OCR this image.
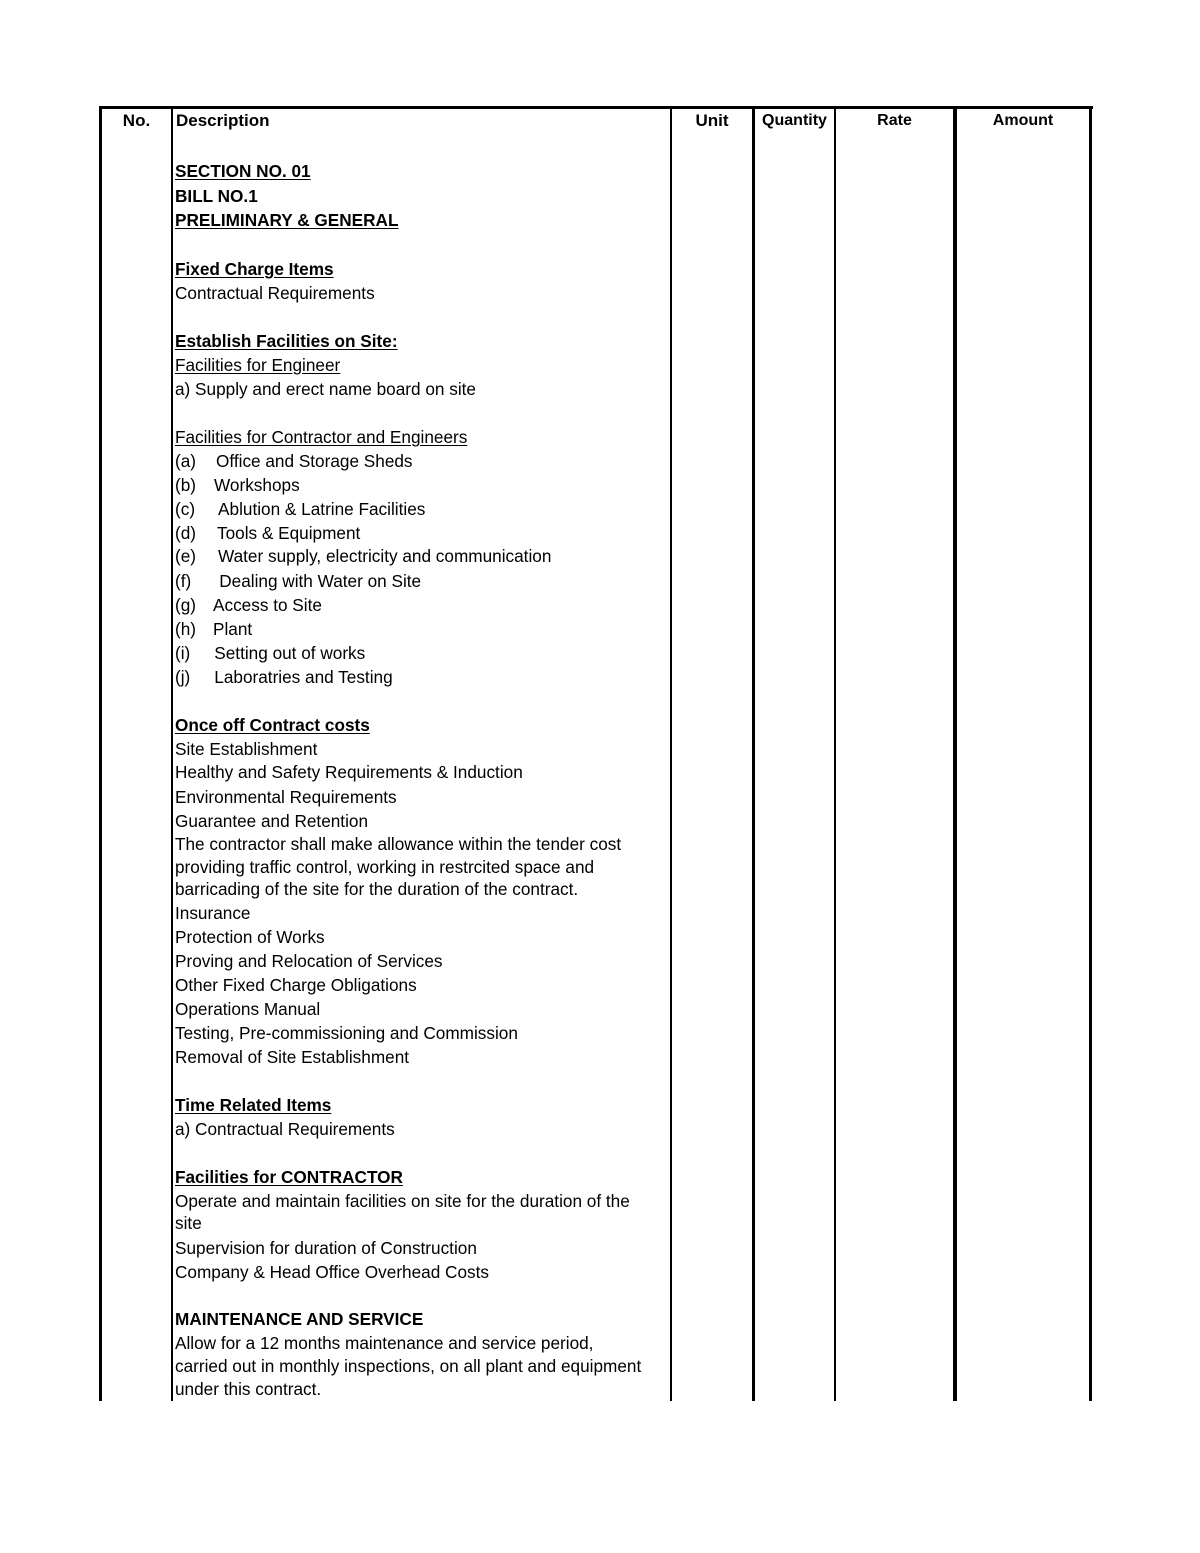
No.	Description	Unit	Quantity	Rate	Amount
SECTION NO. 01
BILL NO.1
PRELIMINARY & GENERAL
Fixed Charge Items
Contractual Requirements
Establish Facilities on Site:
Facilities for Engineer
a) Supply and erect name board on site
Facilities for Contractor and Engineers
(a) Office and Storage Sheds
(b) Workshops
(c) Ablution & Latrine Facilities
(d) Tools & Equipment
(e) Water supply, electricity and communication
(f) Dealing with Water on Site
(g) Access to Site
(h) Plant
(i) Setting out of works
(j) Laboratries and Testing
Once off Contract costs
Site Establishment
Healthy and Safety Requirements & Induction
Environmental Requirements
Guarantee and Retention
The contractor shall make allowance within the tender cost
providing traffic control, working in restrcited space and
barricading of the site for the duration of the contract.
Insurance
Protection of Works
Proving and Relocation of Services
Other Fixed Charge Obligations
Operations Manual
Testing, Pre-commissioning and Commission
Removal of Site Establishment
Time Related Items
a) Contractual Requirements
Facilities for CONTRACTOR
Operate and maintain facilities on site for the duration of the
site
Supervision for duration of Construction
Company & Head Office Overhead Costs
MAINTENANCE AND SERVICE
Allow for a 12 months maintenance and service period,
carried out in monthly inspections, on all plant and equipment
under this contract.
